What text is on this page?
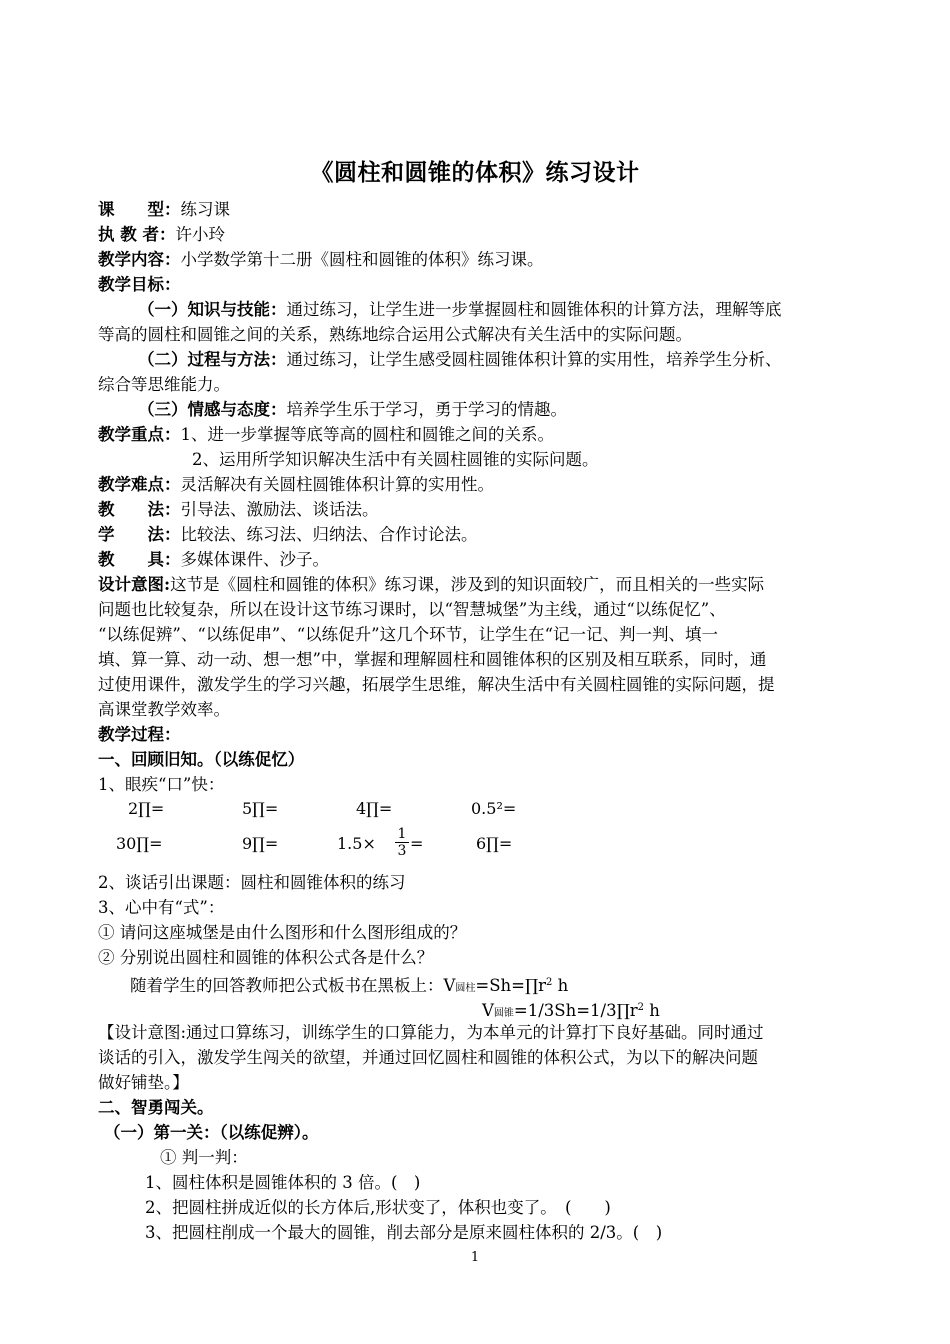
《圆柱和圆锥的体积》练习设计
课　　型：练习课
执 教 者：许小玲
教学内容：小学数学第十二册《圆柱和圆锥的体积》练习课。
教学目标：
（一）知识与技能：通过练习，让学生进一步掌握圆柱和圆锥体积的计算方法，理解等底
等高的圆柱和圆锥之间的关系，熟练地综合运用公式解决有关生活中的实际问题。
（二）过程与方法：通过练习，让学生感受圆柱圆锥体积计算的实用性，培养学生分析、
综合等思维能力。
（三）情感与态度：培养学生乐于学习，勇于学习的情趣。
教学重点：1、进一步掌握等底等高的圆柱和圆锥之间的关系。
2、运用所学知识解决生活中有关圆柱圆锥的实际问题。
教学难点：灵活解决有关圆柱圆锥体积计算的实用性。
教　　法：引导法、激励法、谈话法。
学　　法：比较法、练习法、归纳法、合作讨论法。
教　　具：多媒体课件、沙子。
设计意图:这节是《圆柱和圆锥的体积》练习课，涉及到的知识面较广，而且相关的一些实际
问题也比较复杂，所以在设计这节练习课时，以“智慧城堡”为主线，通过“以练促忆”、
“以练促辨”、“以练促串”、“以练促升”这几个环节，让学生在“记一记、判一判、填一
填、算一算、动一动、想一想”中，掌握和理解圆柱和圆锥体积的区别及相互联系，同时，通
过使用课件，激发学生的学习兴趣，拓展学生思维，解决生活中有关圆柱圆锥的实际问题，提
高课堂教学效率。
教学过程：
一、回顾旧知。（以练促忆）
1、眼疾“口”快：
2∏=	5∏=	4∏=	0.5²=
30∏=	9∏=	$1.5\times \frac{1}{3}$ =	6∏=
2、谈话引出课题：圆柱和圆锥体积的练习
3、心中有“式”：
① 请问这座城堡是由什么图形和什么图形组成的？
② 分别说出圆柱和圆锥的体积公式各是什么？
随着学生的回答教师把公式板书在黑板上：V圆柱$=Sh=\prod r^2$ h
V圆锥$=1/3Sh=1/3\prod r^2$ h
【设计意图:通过口算练习，训练学生的口算能力，为本单元的计算打下良好基础。同时通过
谈话的引入，激发学生闯关的欲望，并通过回忆圆柱和圆锥的体积公式，为以下的解决问题
做好铺垫。】
二、智勇闯关。
（一）第一关：（以练促辨）。
① 判一判：
1、圆柱体积是圆锥体积的 3 倍。(　)
2、把圆柱拼成近似的长方体后,形状变了，体积也变了。　(　　)
3、把圆柱削成一个最大的圆锥，削去部分是原来圆柱体积的 2/3。(　)
1
